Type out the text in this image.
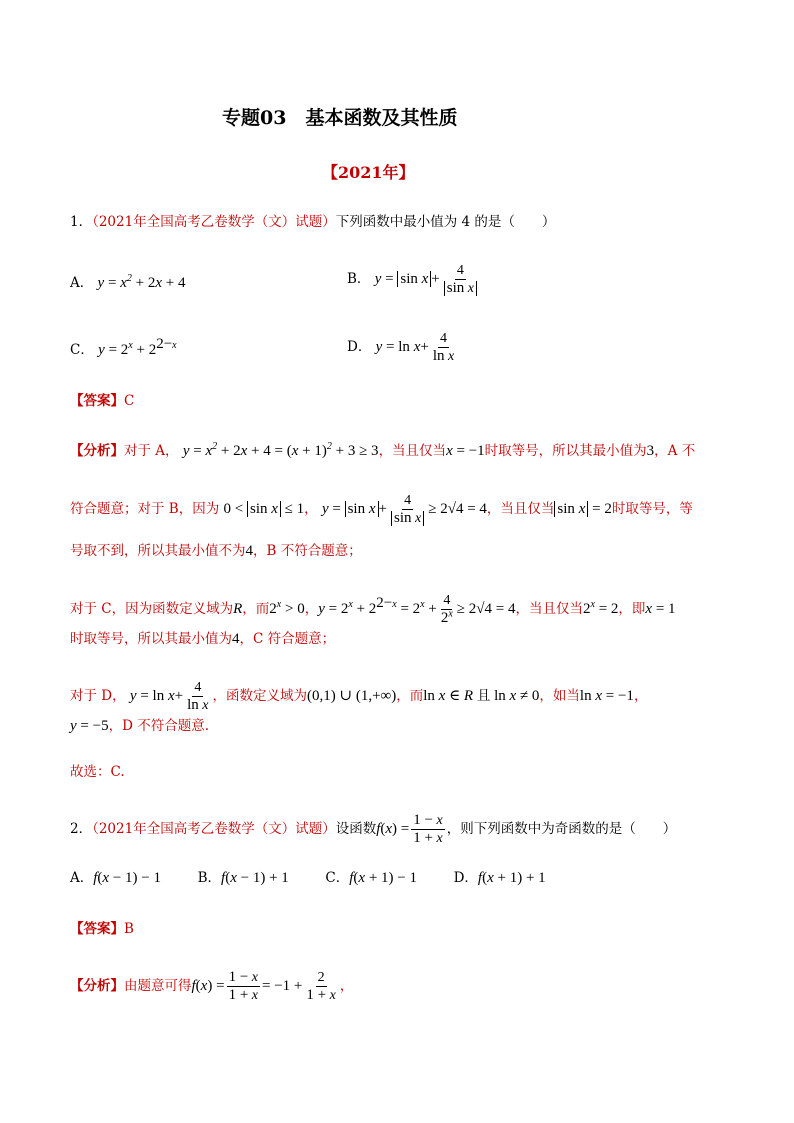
专题03　基本函数及其性质
【2021年】
1．（2021年全国高考乙卷数学（文）试题）下列函数中最小值为 4 的是（　　）
A． $y = x^2 + 2x + 4$	B． $y = \sin x + \frac{4}{\text{sin x}}$
C． $y = 2^x + 2^{2-x}$	D． $y = \ln x+ \frac{4}{\text{ln x}}$
【答案】C
【分析】对于 A， $y = x^2 + 2x + 4 = (x + 1)^2 + 3 \ge 3$，当且仅当x = −1时取等号，所以其最小值为3，A 不
符合题意；对于 B，因为 0 < sin x ≤ 1， $y = \sin x + \frac{4}{\text{sin x}} \ge 2√4 = 4$，当且仅当 sin x = 2时取等号，等
号取不到，所以其最小值不为4，B 不符合题意；
对于 C，因为函数定义域为R，而$2^x > 0$，$y = 2^x + 2^{2-x} = 2^x + \frac{4}{2^x} \ge 2√4 = 4$，当且仅当$2^x = 2$，即x = 1
时取等号，所以其最小值为4，C 符合题意；
对于 D， $y = \ln x+ \frac{4}{\text{ln x}}$ ，函数定义域为(0,1) ∪ (1,+∞)，而ln x ∈ R 且 ln x ≠ 0，如当ln x = −1，
y = −5，D 不符合题意.
故选：C.
2．（2021年全国高考乙卷数学（文）试题）设函数$f(x) = \frac{1 - x}{1 + x}$ ，则下列函数中为奇函数的是（　　）
A．f(x − 1) − 1	B．f(x − 1) + 1	C．f(x + 1) − 1	D．f(x + 1) + 1
【答案】B
【分析】由题意可得$f(x) = \frac{1 - x}{1 + x} = -1 + \frac{2}{1 + x}$ ，
